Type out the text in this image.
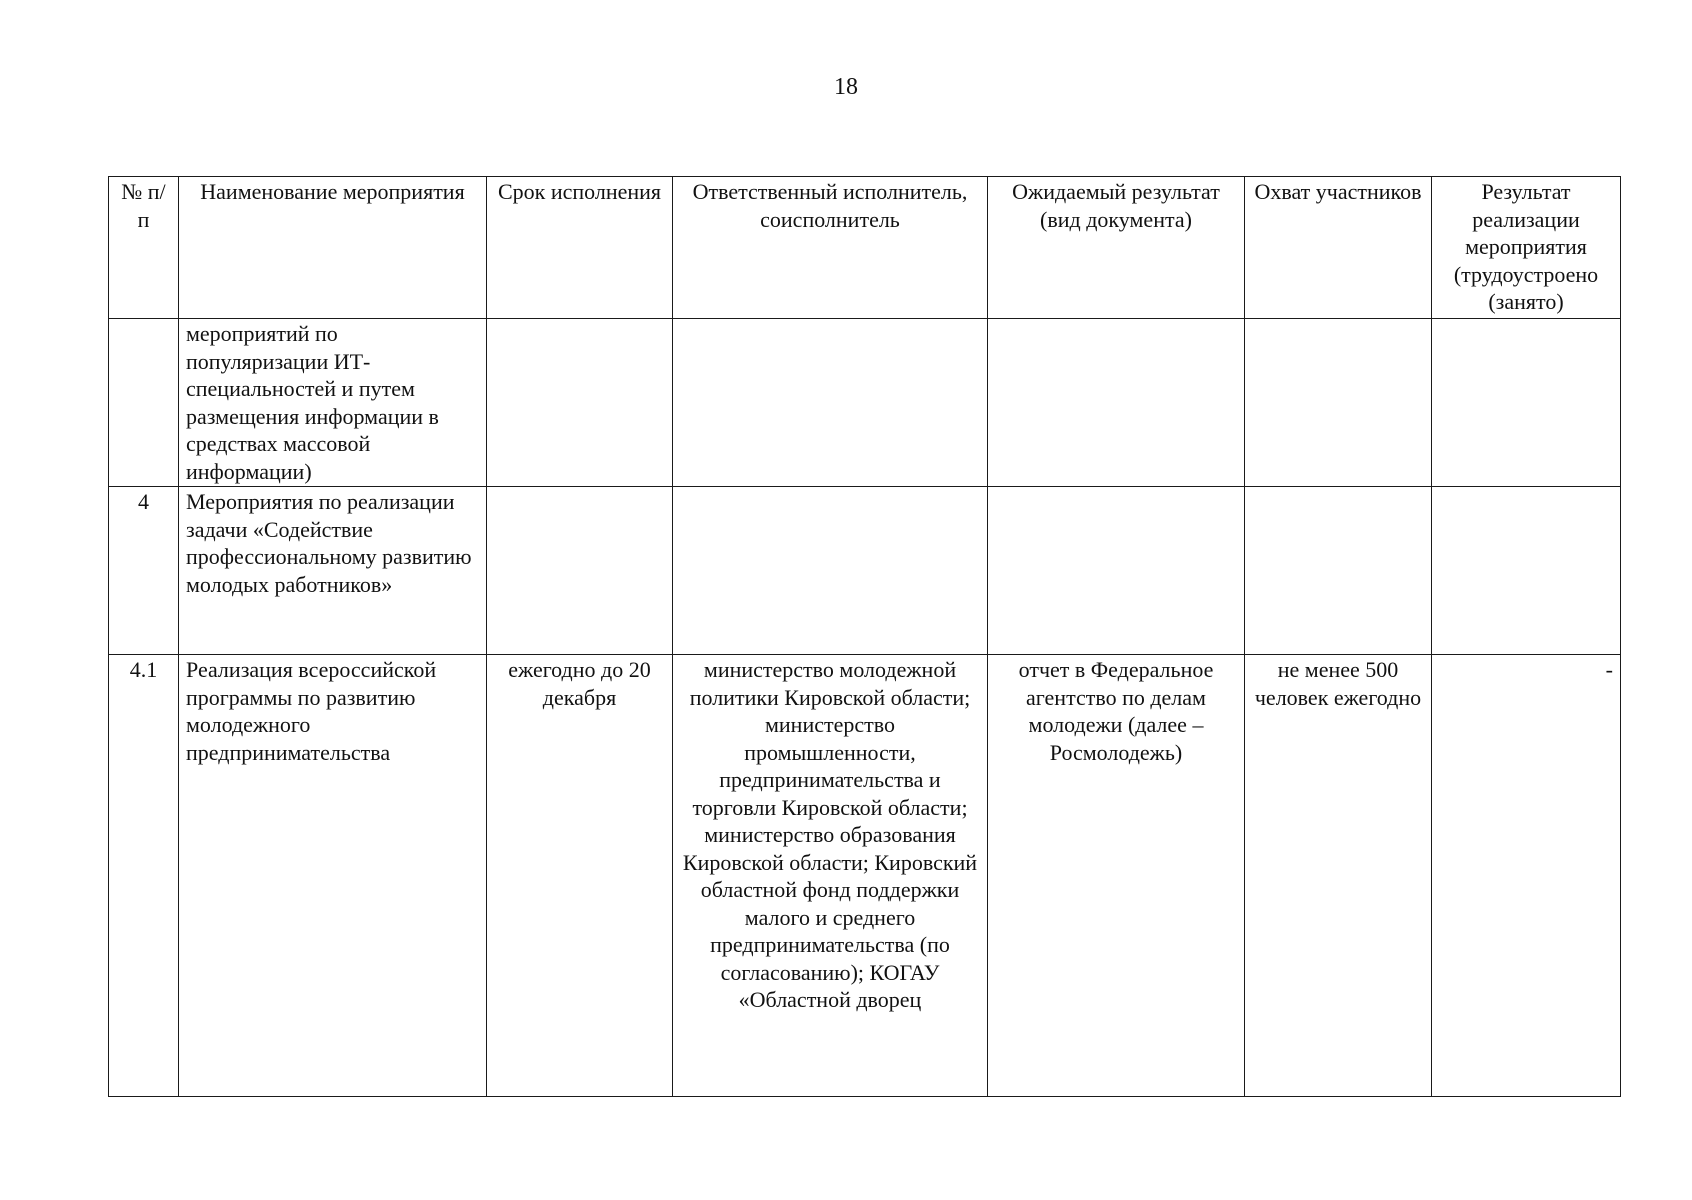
18
№ п/п	Наименование мероприятия	Срок исполнения	Ответственный исполнитель, соисполнитель	Ожидаемый результат (вид документа)	Охват участников	Результат реализации мероприятия (трудоустроено (занято)
	мероприятий по популяризации ИТ-специальностей и путем размещения информации в средствах массовой информации)					
4	Мероприятия по реализации задачи «Содействие профессиональному развитию молодых работников»					
4.1	Реализация всероссийской программы по развитию молодежного предпринимательства	ежегодно до 20 декабря	министерство молодежной политики Кировской области; министерство промышленности, предпринимательства и торговли Кировской области; министерство образования Кировской области; Кировский областной фонд поддержки малого и среднего предпринимательства (по согласованию); КОГАУ «Областной дворец	отчет в Федеральное агентство по делам молодежи (далее – Росмолодежь)	не менее 500 человек ежегодно	-
